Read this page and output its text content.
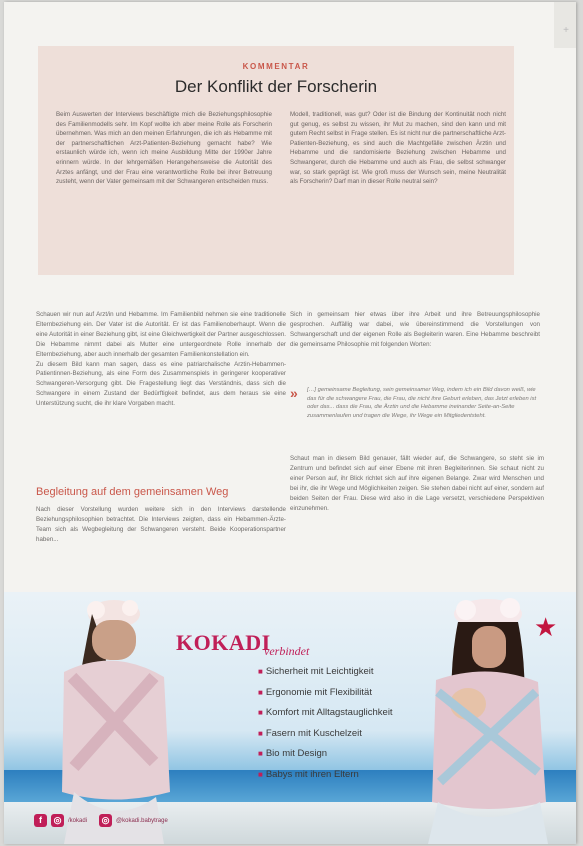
+
KOMMENTAR
Der Konflikt der Forscherin
Beim Auswerten der Interviews beschäftigte mich die Beziehungsphilosophie des Familienmodells sehr. Im Kopf wollte ich aber meine Rolle als Forscherin übernehmen. Was mich an den meinen Erfahrungen, die ich als Hebamme mit der partnerschaftlichen Arzt-Patienten-Beziehung gemacht habe? Wie erstaunlich würde ich, wenn ich meine Ausbildung Mitte der 1990er Jahre erinnern würde. In der lehrgemäßen Herangehensweise die Autorität des Arztes anfängt, und der Frau eine verantwortliche Rolle bei ihrer Betreuung zusteht, wenn der Vater gemeinsam mit der Schwangeren entscheiden muss.
Modell, traditionell, was gut? Oder ist die Bindung der Kontinuität noch nicht gut genug, es selbst zu wissen, ihr Mut zu machen, sind den kann und mit gutem Recht selbst in Frage stellen. Es ist nicht nur die partnerschaftliche Arzt-Patienten-Beziehung, es sind auch die Machtgefälle zwischen Ärztin und Hebamme und die randomisierte Beziehung zwischen Hebamme und Schwangerer, durch die Hebamme und auch als Frau, die selbst schwanger war, so stark geprägt ist. Wie groß muss der Wunsch sein, meine Neutralität als Forscherin? Darf man in dieser Rolle neutral sein?

Schauen wir nun auf Arzt/in und Hebamme. Im Familienbild nehmen sie eine traditionelle Elternbeziehung ein. Der Vater ist die Autorität. Er ist das Familienoberhaupt. Wenn die eine Autorität in einer Beziehung gibt, ist eine Gleichwertigkeit der Partner ausgeschlossen. Die Hebamme nimmt dabei als Mutter eine untergeordnete Rolle innerhalb der Elternbeziehung, aber auch innerhalb der gesamten Familienkonstellation ein.

Zu diesem Bild kann man sagen, dass es eine patriarchalische Arztin-Hebammen-Patientinnen-Beziehung, als eine Form des Zusammenspiels in geringerer kooperativer Schwangeren-Versorgung gibt. Die Fragestellung liegt das Verständnis, dass sich die Schwangere in einem Zustand der Bedürftigkeit befindet, aus dem heraus sie eine Unterstützung sucht, die ihr klare Vorgaben macht.

Begleitung auf dem gemeinsamen Weg
Nach dieser Vorstellung wurden weitere sich in den Interviews darstellende Beziehungsphilosophien betrachtet. Die Interviews zeigten, dass ein Hebammen-Ärzte-Team sich als Wegbegleitung der Schwangeren versteht. Beide Kooperationspartner haben...

Sich in gemeinsam hier etwas über ihre Arbeit und ihre Betreuungsphilosophie gesprochen. Auffällig war dabei, wie übereinstimmend die Vorstellungen von Schwangerschaft und der eigenen Rolle als Begleiterin waren. Eine Hebamme beschreibt die gemeinsame Philosophie mit folgenden Worten:

» […] gemeinsame Begleitung, sein gemeinsamer Weg, indem ich ein Bild davon weiß, wie das für die schwangere Frau, die Frau, die nicht ihre Geburt erleben, das Jetzt erleben ist oder das... dass die Frau, die Ärztin und die Hebamme ineinander Seite-an-Seite zusammenlaufen und tragen die Wege, ihr Wege ein Mitgliedentsteht.
Schaut man in diesem Bild genauer, fällt wieder auf, die Schwangere, so steht sie im Zentrum und befindet sich auf einer Ebene mit ihren Begleiterinnen. Sie schaut nicht zu einer Person auf, ihr Blick richtet sich auf ihre eigenen Belange. Zwar wird Menschen und bei ihr, die ihr Wege und Möglichkeiten zeigen. Sie stehen dabei nicht auf einer, sondern auf beiden Seiten der Frau. Diese wird also in die Lage versetzt, verschiedene Perspektiven einzunehmen.
KOKADI
verbindet
★
■ Sicherheit mit Leichtigkeit
■ Ergonomie mit Flexibilität
■ Komfort mit Alltagstauglichkeit
■ Fasern mit Kuschelzeit
■ Bio mit Design
■ Babys mit ihren Eltern
f	◎	/kokadi ◎	@kokadi.babytrage
